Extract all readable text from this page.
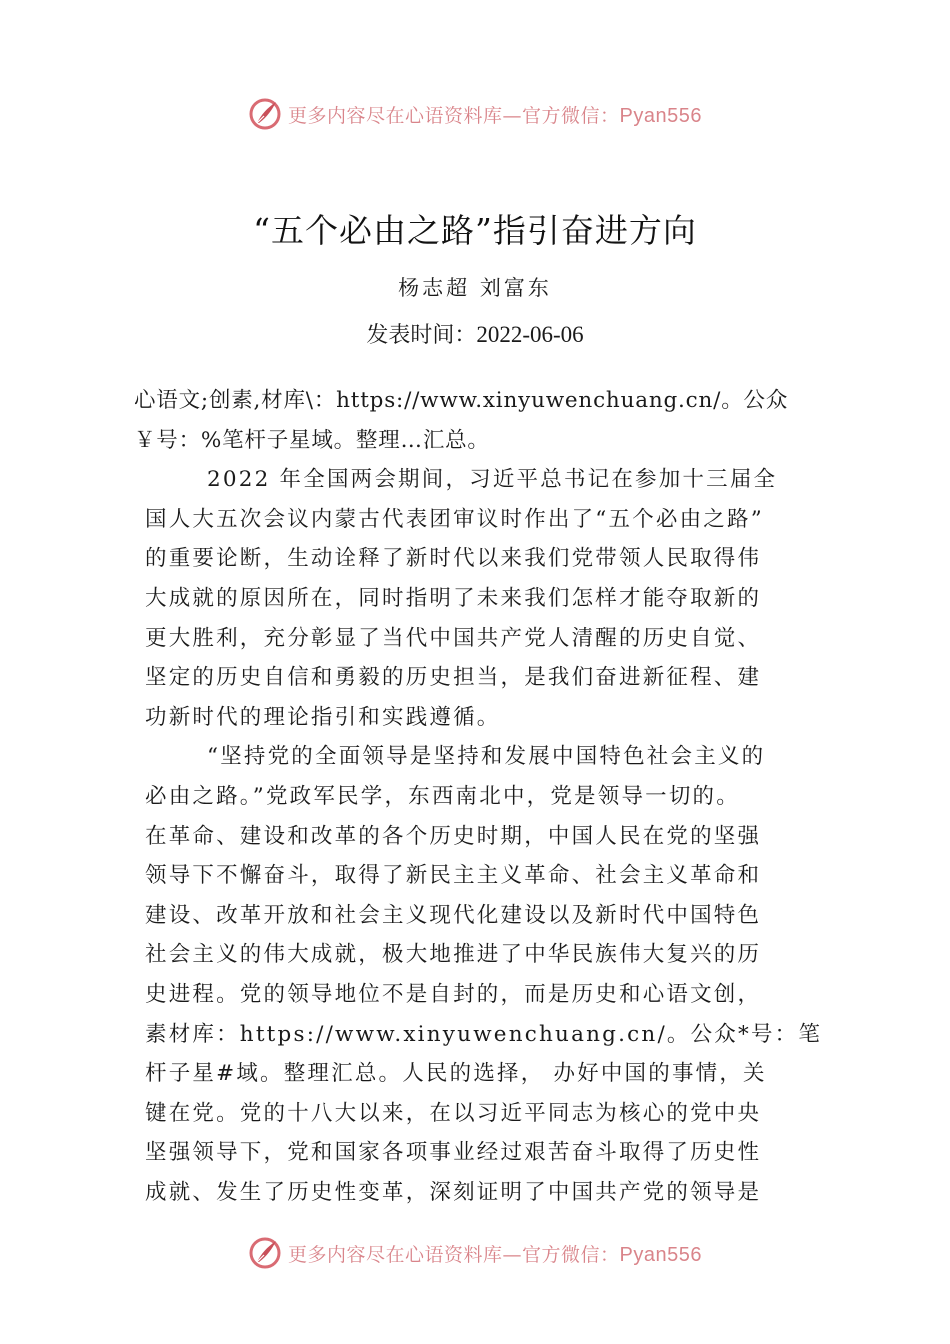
更多内容尽在心语资料库—官方微信：Pyan556
“五个必由之路”指引奋进方向
杨志超 刘富东
发表时间：2022-06-06
心语文;创素,材库\：https://www.xinyuwenchuang.cn/。公众
￥号：%笔杆子星域。整理…汇总。
2022 年全国两会期间，习近平总书记在参加十三届全
国人大五次会议内蒙古代表团审议时作出了“五个必由之路”
的重要论断，生动诠释了新时代以来我们党带领人民取得伟
大成就的原因所在，同时指明了未来我们怎样才能夺取新的
更大胜利，充分彰显了当代中国共产党人清醒的历史自觉、
坚定的历史自信和勇毅的历史担当，是我们奋进新征程、建
功新时代的理论指引和实践遵循。
“坚持党的全面领导是坚持和发展中国特色社会主义的
必由之路。”党政军民学，东西南北中，党是领导一切的。
在革命、建设和改革的各个历史时期，中国人民在党的坚强
领导下不懈奋斗，取得了新民主主义革命、社会主义革命和
建设、改革开放和社会主义现代化建设以及新时代中国特色
社会主义的伟大成就，极大地推进了中华民族伟大复兴的历
史进程。党的领导地位不是自封的，而是历史和心语文创，
素材库：https://www.xinyuwenchuang.cn/。公众*号：笔
杆子星#域。整理汇总。人民的选择， 办好中国的事情，关
键在党。党的十八大以来，在以习近平同志为核心的党中央
坚强领导下，党和国家各项事业经过艰苦奋斗取得了历史性
成就、发生了历史性变革，深刻证明了中国共产党的领导是
更多内容尽在心语资料库—官方微信：Pyan556
